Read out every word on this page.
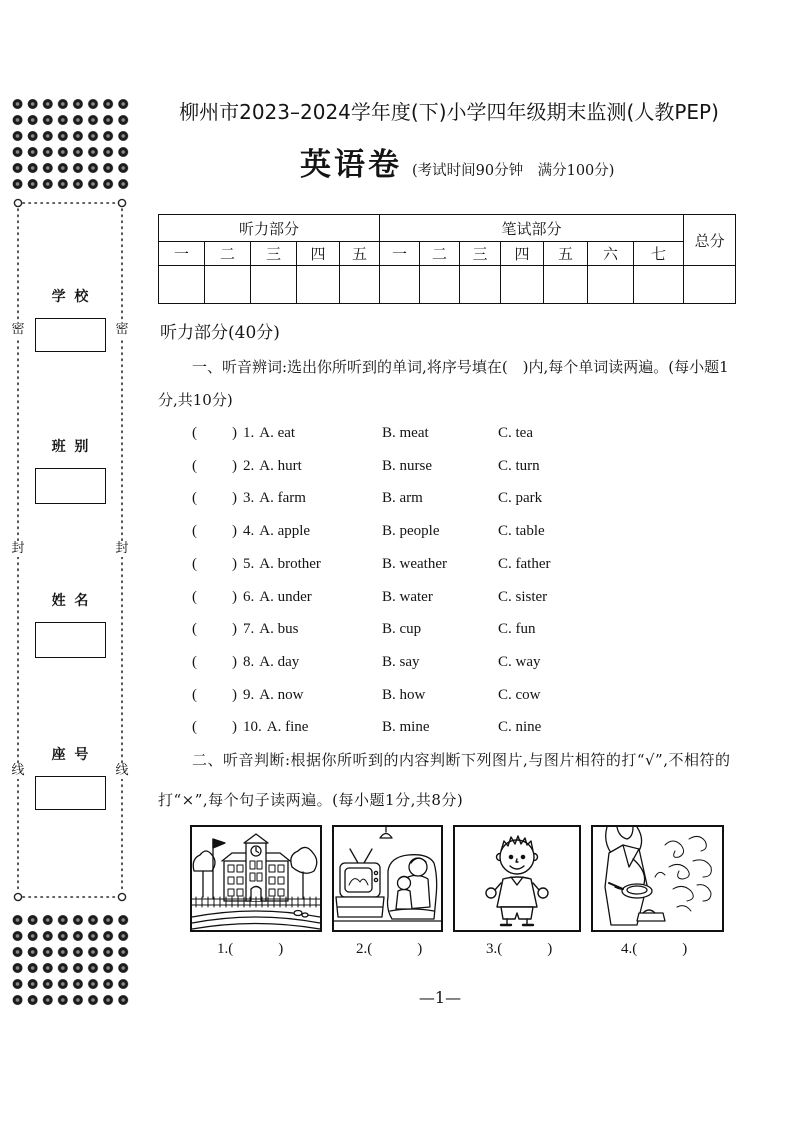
学 校
班 别
姓 名
座 号
密	密
封	封
线	线
柳州市2023–2024学年度(下)小学四年级期末监测(人教PEP)
英语卷 (考试时间90分钟　满分100分)
听力部分					笔试部分							总分
一	二	三	四	五	一	二	三	四	五	六	七	

听力部分(40分)
一、听音辨词:选出你所听到的单词,将序号填在(　)内,每个单词读两遍。(每小题1分,共10分)
( ) 1. A. eat	B. meat	C. tea
( ) 2. A. hurt	B. nurse	C. turn
( ) 3. A. farm	B. arm	C. park
( ) 4. A. apple	B. people	C. table
( ) 5. A. brother	B. weather	C. father
( ) 6. A. under	B. water	C. sister
( ) 7. A. bus	B. cup	C. fun
( ) 8. A. day	B. say	C. way
( ) 9. A. now	B. how	C. cow
( ) 10. A. fine	B. mine	C. nine
二、听音判断:根据你所听到的内容判断下列图片,与图片相符的打“√”,不相符的打“×”,每个句子读两遍。(每小题1分,共8分)
1.(　　　)	2.(　　　)	3.(　　　)	4.(　　　)
—1—
